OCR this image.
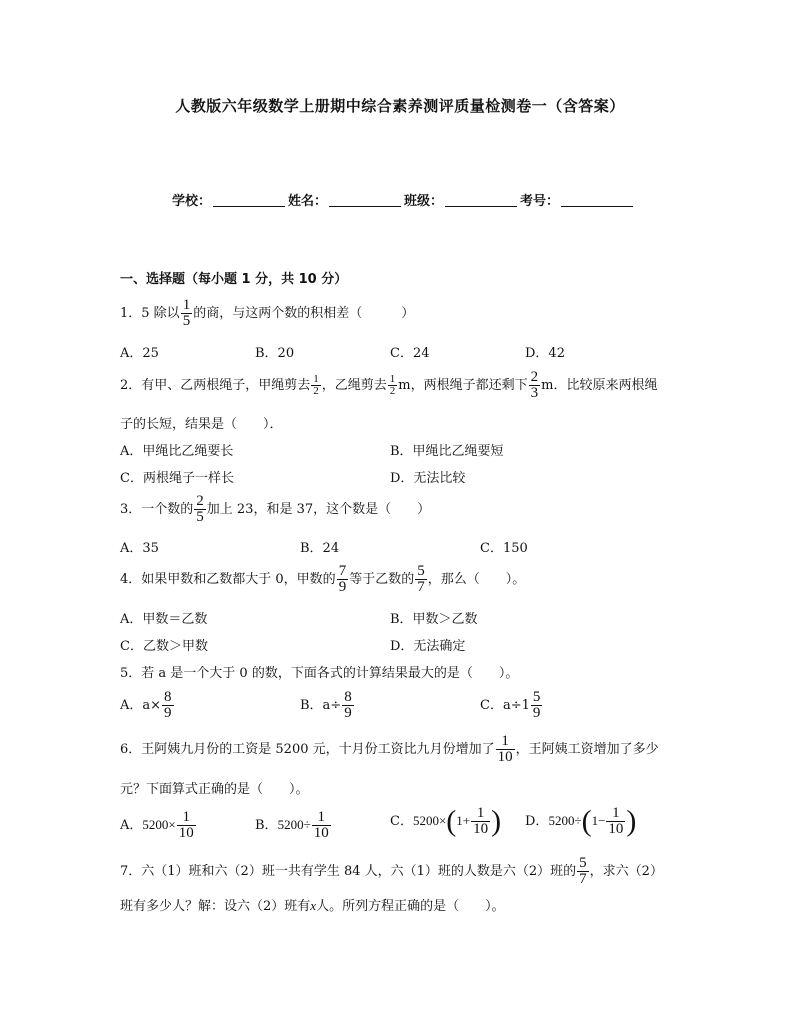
人教版六年级数学上册期中综合素养测评质量检测卷一（含答案）
学校：	姓名：	班级：	考号：
一、选择题（每小题 1 分，共 10 分）
1．5 除以 $\frac{1}{5}$ 的商，与这两个数的积相差（　　　）
A．25	B．20	C．24	D．42
2．有甲、乙两根绳子，甲绳剪去 $\frac{1}{2}$ ，乙绳剪去 $\frac{1}{2}$ m，两根绳子都还剩下 $\frac{2}{3}$ m．比较原来两根绳
子的长短，结果是（　　）．
A．甲绳比乙绳要长	B．甲绳比乙绳要短
C．两根绳子一样长	D．无法比较
3．一个数的 $\frac{2}{5}$ 加上 23，和是 37，这个数是（　　）
A．35	B．24	C．150
4．如果甲数和乙数都大于 0，甲数的 $\frac{7}{9}$ 等于乙数的 $\frac{5}{7}$ ，那么（　　）。
A．甲数＝乙数	B．甲数＞乙数
C．乙数＞甲数	D．无法确定
5．若 a 是一个大于 0 的数，下面各式的计算结果最大的是（　　）。
A．$a\times \frac{8}{9}$	B．$a\div \frac{8}{9}$	C．$a\div 1 \frac{5}{9}$
6．王阿姨九月份的工资是 5200 元，十月份工资比九月份增加了 $\frac{1}{10}$ ，王阿姨工资增加了多少
元？下面算式正确的是（　　）。
A．$5200\times \frac{1}{10}$	B．$5200\div \frac{1}{10}$	C．$5200\times(1+ \frac{1}{10}$ ) D．$5200\div(1- \frac{1}{10}$ )
7．六（1）班和六（2）班一共有学生 84 人，六（1）班的人数是六（2）班的 $\frac{5}{7}$ ，求六（2）
班有多少人？解：设六（2）班有x人。所列方程正确的是（　　）。
